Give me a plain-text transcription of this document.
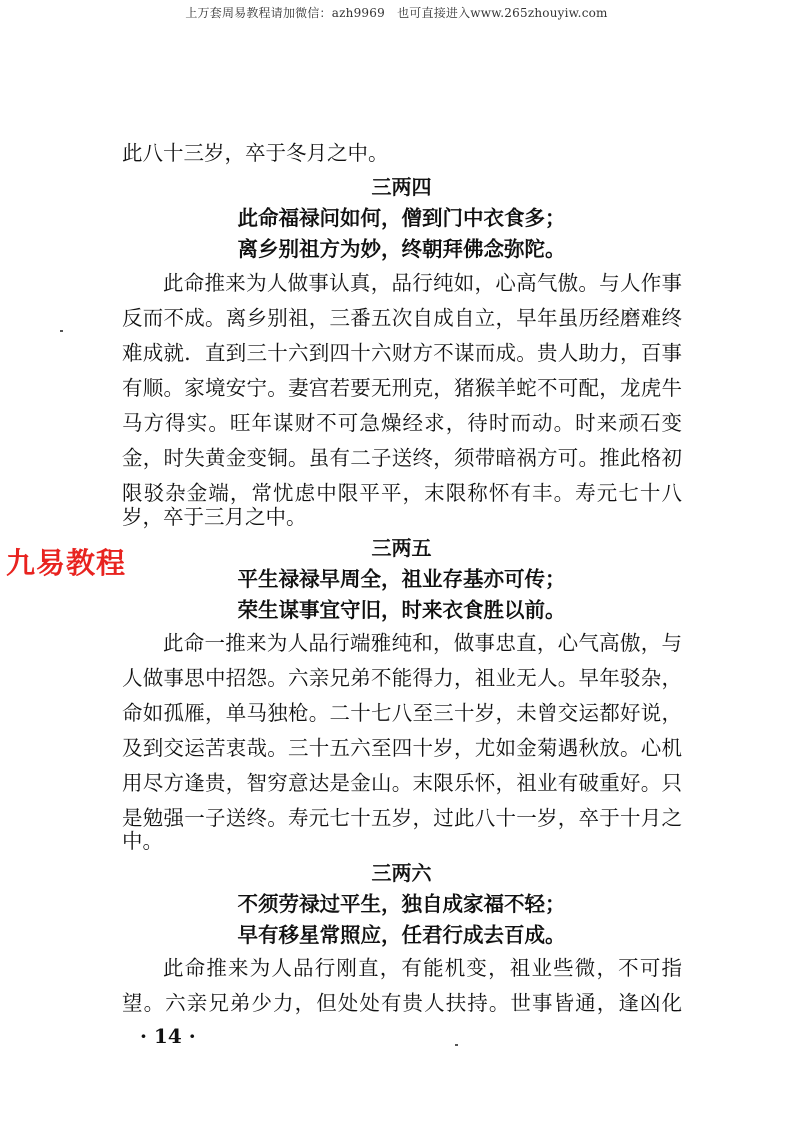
上万套周易教程请加微信：azh9969　也可直接进入www.265zhouyiw.com
此八十三岁，卒于冬月之中。
三两四
此命福禄问如何，僧到门中衣食多；
离乡别祖方为妙，终朝拜佛念弥陀。
此命推来为人做事认真，品行纯如，心高气傲。与人作事
反而不成。离乡别祖，三番五次自成自立，早年虽历经磨难终
难成就．直到三十六到四十六财方不谋而成。贵人助力，百事
有顺。家境安宁。妻宫若要无刑克，猪猴羊蛇不可配，龙虎牛
马方得实。旺年谋财不可急燥经求，待时而动。时来顽石变
金，时失黄金变铜。虽有二子送终，须带暗祸方可。推此格初
限驳杂金端，常忧虑中限平平，末限称怀有丰。寿元七十八
岁，卒于三月之中。
九易教程	三两五
平生禄禄早周全，祖业存基亦可传；
荣生谋事宜守旧，时来衣食胜以前。
此命一推来为人品行端雅纯和，做事忠直，心气高傲，与
人做事思中招怨。六亲兄弟不能得力，祖业无人。早年驳杂，
命如孤雁，单马独枪。二十七八至三十岁，未曾交运都好说，
及到交运苦衷哉。三十五六至四十岁，尤如金菊遇秋放。心机
用尽方逢贵，智穷意达是金山。末限乐怀，祖业有破重好。只
是勉强一子送终。寿元七十五岁，过此八十一岁，卒于十月之
中。
三两六
不须劳禄过平生，独自成家福不轻；
早有移星常照应，任君行成去百成。
此命推来为人品行刚直，有能机变，祖业些微，不可指
望。六亲兄弟少力，但处处有贵人扶持。世事皆通，逢凶化
· 14 ·
